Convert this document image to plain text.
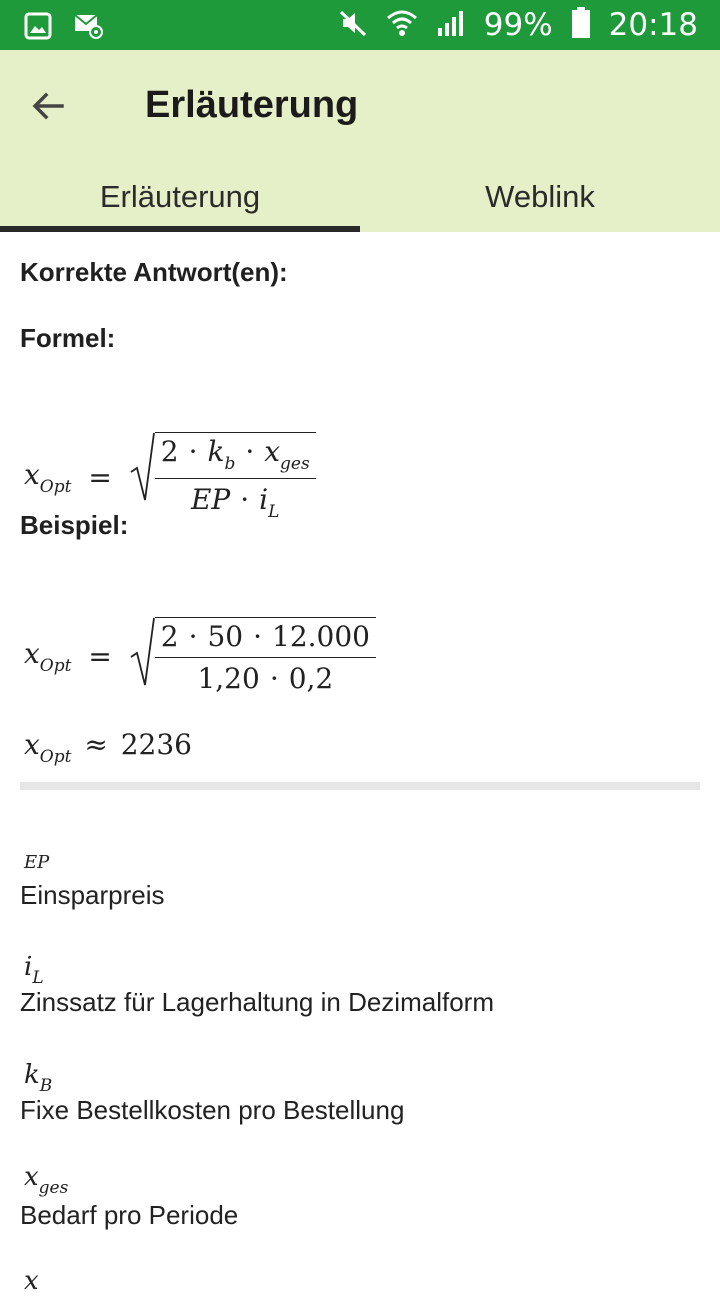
99% 20:18
Erläuterung
Erläuterung	Weblink
Korrekte Antwort(en):
Formel:
$x_{Opt} = \frac{2 \cdot k_b \cdot x_{ges}}{EP \cdot i_L}$
Beispiel:
$x_{Opt} = \frac{2 \cdot 50 \cdot 12.000}{1,20 \cdot 0,2}$
$x_{Opt} \approx 2236$
EP
Einsparpreis
$i_L$
Zinssatz für Lagerhaltung in Dezimalform
$k_B$
Fixe Bestellkosten pro Bestellung
$x_{ges}$
Bedarf pro Periode
x
